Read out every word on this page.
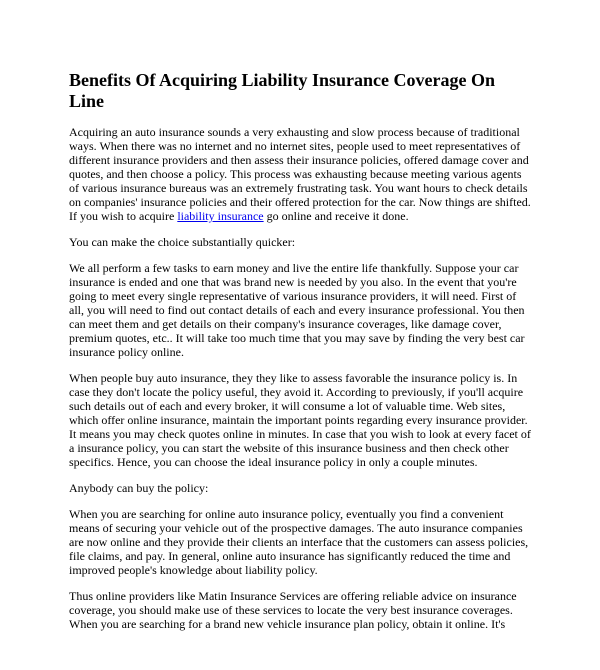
Benefits Of Acquiring Liability Insurance Coverage On Line

Acquiring an auto insurance sounds a very exhausting and slow process because of traditional ways. When there was no internet and no internet sites, people used to meet representatives of different insurance providers and then assess their insurance policies, offered damage cover and quotes, and then choose a policy. This process was exhausting because meeting various agents of various insurance bureaus was an extremely frustrating task. You want hours to check details on companies' insurance policies and their offered protection for the car. Now things are shifted. If you wish to acquire liability insurance go online and receive it done.

You can make the choice substantially quicker:

We all perform a few tasks to earn money and live the entire life thankfully. Suppose your car insurance is ended and one that was brand new is needed by you also. In the event that you're going to meet every single representative of various insurance providers, it will need. First of all, you will need to find out contact details of each and every insurance professional. You then can meet them and get details on their company's insurance coverages, like damage cover, premium quotes, etc.. It will take too much time that you may save by finding the very best car insurance policy online.

When people buy auto insurance, they they like to assess favorable the insurance policy is. In case they don't locate the policy useful, they avoid it. According to previously, if you'll acquire such details out of each and every broker, it will consume a lot of valuable time. Web sites, which offer online insurance, maintain the important points regarding every insurance provider. It means you may check quotes online in minutes. In case that you wish to look at every facet of a insurance policy, you can start the website of this insurance business and then check other specifics. Hence, you can choose the ideal insurance policy in only a couple minutes.

Anybody can buy the policy:

When you are searching for online auto insurance policy, eventually you find a convenient means of securing your vehicle out of the prospective damages. The auto insurance companies are now online and they provide their clients an interface that the customers can assess policies, file claims, and pay. In general, online auto insurance has significantly reduced the time and improved people's knowledge about liability policy.

Thus online providers like Matin Insurance Services are offering reliable advice on insurance coverage, you should make use of these services to locate the very best insurance coverages. When you are searching for a brand new vehicle insurance plan policy, obtain it online. It's
